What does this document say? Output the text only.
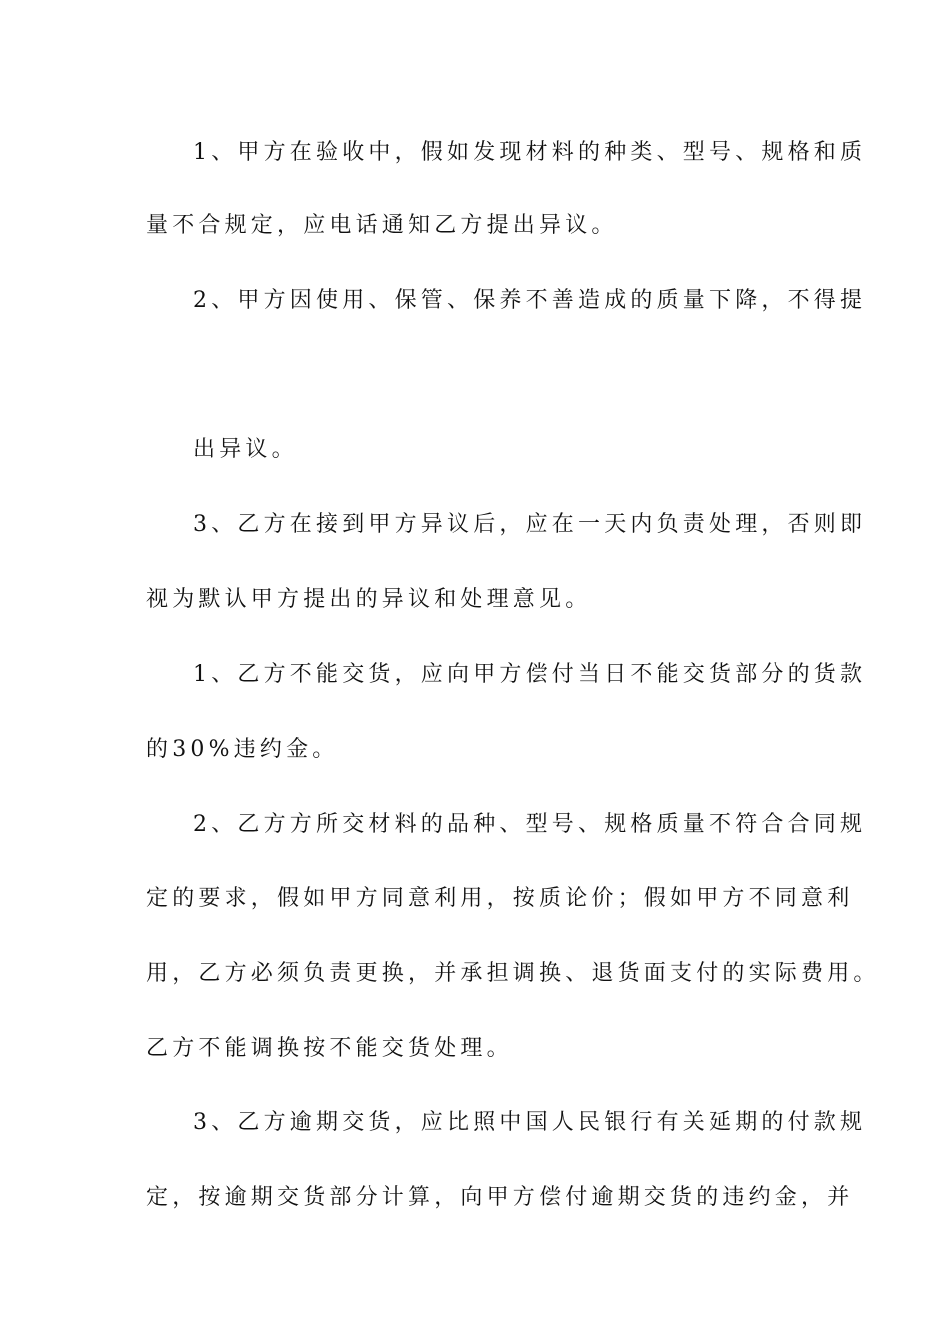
1、甲方在验收中，假如发现材料的种类、型号、规格和质
量不合规定，应电话通知乙方提出异议。
2、甲方因使用、保管、保养不善造成的质量下降，不得提
出异议。
3、乙方在接到甲方异议后，应在一天内负责处理，否则即
视为默认甲方提出的异议和处理意见。
1、乙方不能交货，应向甲方偿付当日不能交货部分的货款
的30%违约金。
2、乙方方所交材料的品种、型号、规格质量不符合合同规
定的要求，假如甲方同意利用，按质论价；假如甲方不同意利
用，乙方必须负责更换，并承担调换、退货面支付的实际费用。
乙方不能调换按不能交货处理。
3、乙方逾期交货，应比照中国人民银行有关延期的付款规
定，按逾期交货部分计算，向甲方偿付逾期交货的违约金，并
